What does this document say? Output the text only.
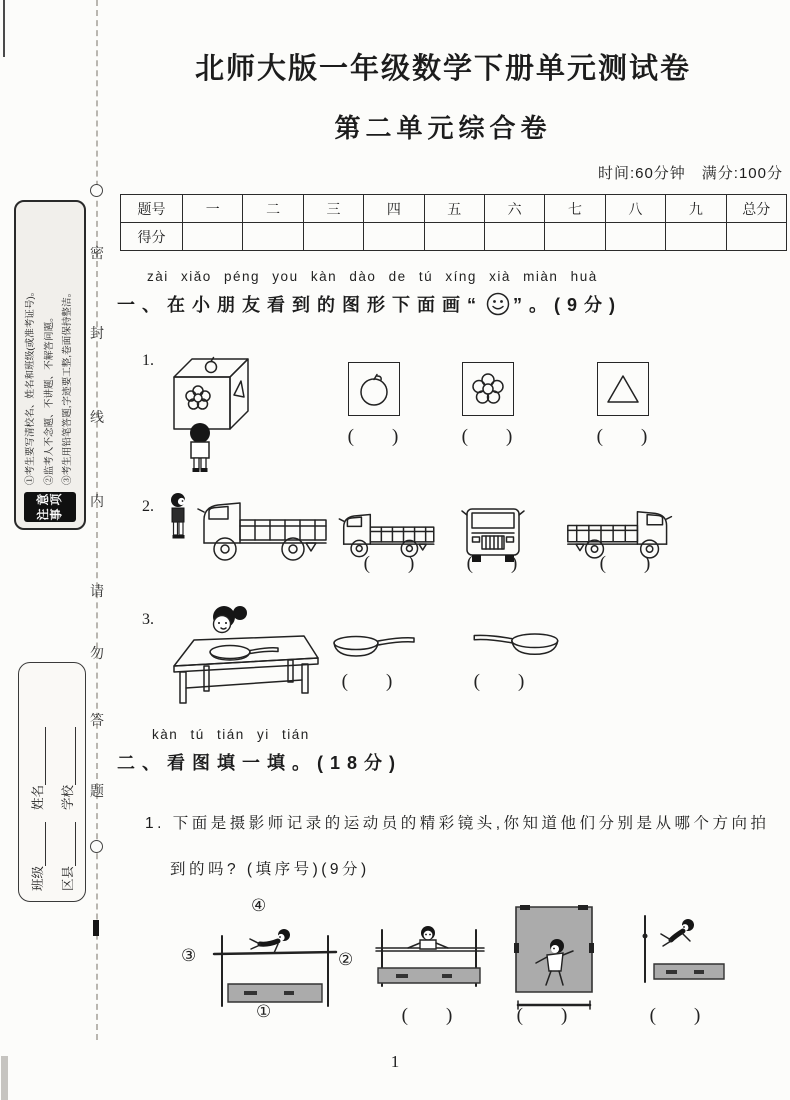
密
封
线
内
请
勿
答
题
注
意
事
项
①考生要写清校名、姓名和班级(或准考证号)。 ②监考人不念题、不讲题、不解答问题。 ③考生用铅笔答题,字迹要工整,卷面保持整洁。
班级
姓名
区县
学校
北师大版一年级数学下册单元测试卷
第二单元综合卷
时间:60分钟　满分:100分
题号	一	二	三	四	五	六	七	八	九	总分
得分										
zài xiǎo péng you kàn dào de tú xíng xià miàn huà
一、在小朋友看到的图形下面画“ ”。(9分)
1.
(　　)	(　　)	(　　)
2.
(　　)	(　　)	(　　)
3.
(　　)	(　　)
kàn tú tián yi tián
二、看图填一填。(18分)
1. 下面是摄影师记录的运动员的精彩镜头,你知道他们分别是从哪个方向拍
到的吗? (填序号)(9分)
④
③	②
①	(　　)	(　　)	(　　)
1
